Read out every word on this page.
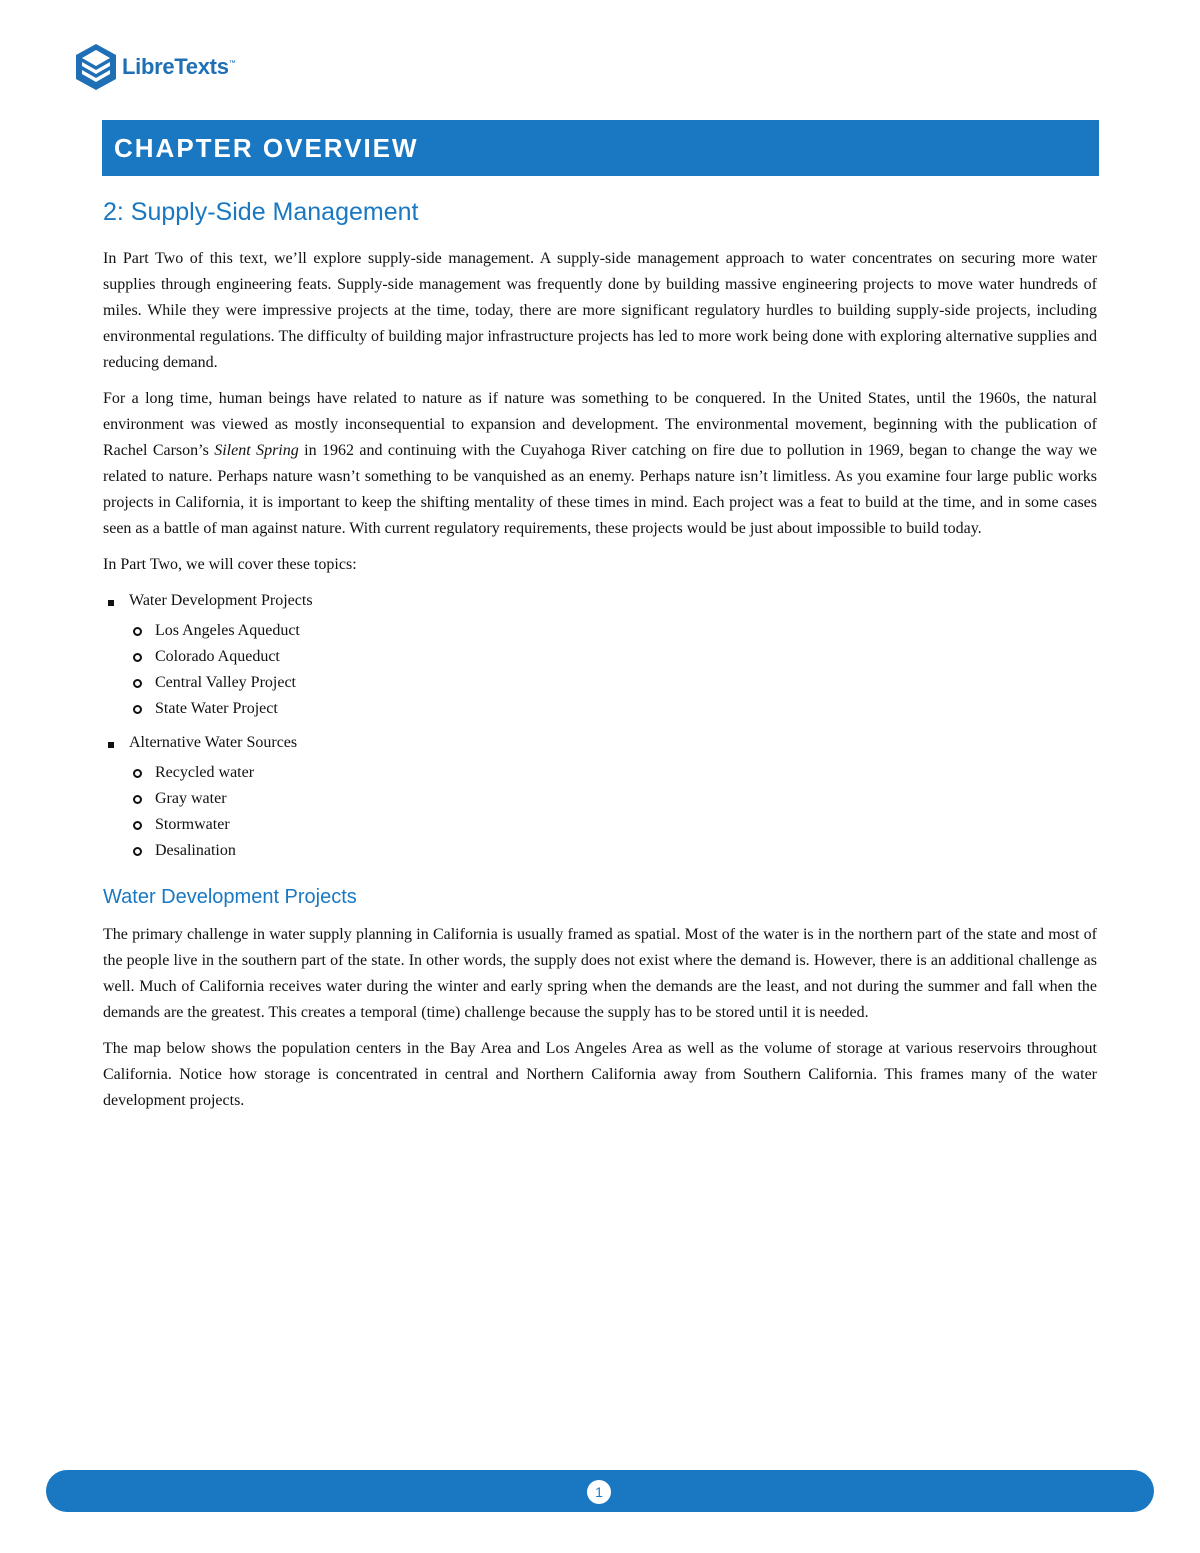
LibreTexts ™
CHAPTER OVERVIEW
2: Supply-Side Management

In Part Two of this text, we’ll explore supply-side management. A supply-side management approach to water concentrates on securing more water supplies through engineering feats. Supply-side management was frequently done by building massive engineering projects to move water hundreds of miles. While they were impressive projects at the time, today, there are more significant regulatory hurdles to building supply-side projects, including environmental regulations. The difficulty of building major infrastructure projects has led to more work being done with exploring alternative supplies and reducing demand.

For a long time, human beings have related to nature as if nature was something to be conquered. In the United States, until the 1960s, the natural environment was viewed as mostly inconsequential to expansion and development. The environmental movement, beginning with the publication of Rachel Carson’s Silent Spring in 1962 and continuing with the Cuyahoga River catching on fire due to pollution in 1969, began to change the way we related to nature. Perhaps nature wasn’t something to be vanquished as an enemy. Perhaps nature isn’t limitless. As you examine four large public works projects in California, it is important to keep the shifting mentality of these times in mind. Each project was a feat to build at the time, and in some cases seen as a battle of man against nature. With current regulatory requirements, these projects would be just about impossible to build today.

In Part Two, we will cover these topics:

Water Development Projects
Los Angeles Aqueduct
Colorado Aqueduct
Central Valley Project
State Water Project
Alternative Water Sources
Recycled water
Gray water
Stormwater
Desalination
Water Development Projects

The primary challenge in water supply planning in California is usually framed as spatial. Most of the water is in the northern part of the state and most of the people live in the southern part of the state. In other words, the supply does not exist where the demand is. However, there is an additional challenge as well. Much of California receives water during the winter and early spring when the demands are the least, and not during the summer and fall when the demands are the greatest. This creates a temporal (time) challenge because the supply has to be stored until it is needed.

The map below shows the population centers in the Bay Area and Los Angeles Area as well as the volume of storage at various reservoirs throughout California. Notice how storage is concentrated in central and Northern California away from Southern California. This frames many of the water development projects.

1
